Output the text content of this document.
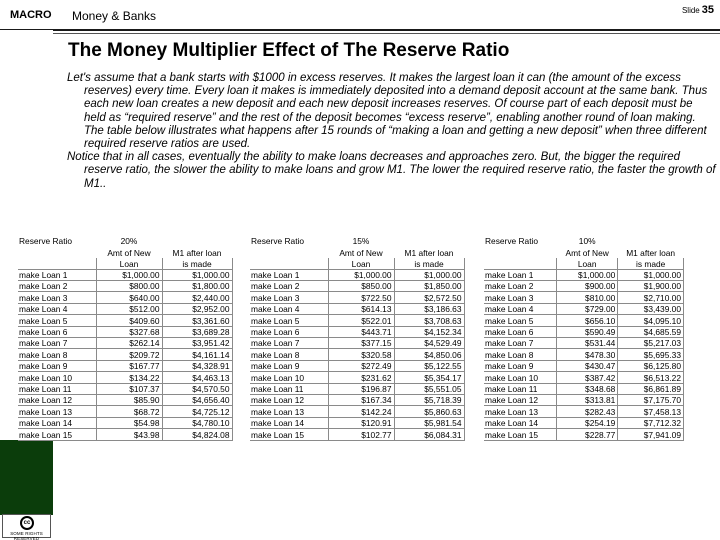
MACRO Money & Banks	Slide 35
cc
SOME RIGHTS RESERVED
The Money Multiplier Effect of The Reserve Ratio

Let's assume that a bank starts with $1000 in excess reserves. It makes the largest loan it can (the amount of the excess reserves) every time. Every loan it makes is immediately deposited into a demand deposit account at the same bank. Thus each new loan creates a new deposit and each new deposit increases reserves. Of course part of each deposit must be held as “required reserve” and the rest of the deposit becomes “excess reserve”, enabling another round of loan making. The table below illustrates what happens after 15 rounds of “making a loan and getting a new deposit” when three different required reserve ratios are used.

Notice that in all cases, eventually the ability to make loans decreases and approaches zero. But, the bigger the required reserve ratio, the slower the ability to make loans and grow M1. The lower the required reserve ratio, the faster the growth of M1..

Reserve Ratio	20%	
	Amt of New	M1 after loan
	Loan	is made
make Loan 1	$1,000.00	$1,000.00
make Loan 2	$800.00	$1,800.00
make Loan 3	$640.00	$2,440.00
make Loan 4	$512.00	$2,952.00
make Loan 5	$409.60	$3,361.60
make Loan 6	$327.68	$3,689.28
make Loan 7	$262.14	$3,951.42
make Loan 8	$209.72	$4,161.14
make Loan 9	$167.77	$4,328.91
make Loan 10	$134.22	$4,463.13
make Loan 11	$107.37	$4,570.50
make Loan 12	$85.90	$4,656.40
make Loan 13	$68.72	$4,725.12
make Loan 14	$54.98	$4,780.10
make Loan 15	$43.98	$4,824.08
Reserve Ratio	15%	
	Amt of New	M1 after loan
	Loan	is made
make Loan 1	$1,000.00	$1,000.00
make Loan 2	$850.00	$1,850.00
make Loan 3	$722.50	$2,572.50
make Loan 4	$614.13	$3,186.63
make Loan 5	$522.01	$3,708.63
make Loan 6	$443.71	$4,152.34
make Loan 7	$377.15	$4,529.49
make Loan 8	$320.58	$4,850.06
make Loan 9	$272.49	$5,122.55
make Loan 10	$231.62	$5,354.17
make Loan 11	$196.87	$5,551.05
make Loan 12	$167.34	$5,718.39
make Loan 13	$142.24	$5,860.63
make Loan 14	$120.91	$5,981.54
make Loan 15	$102.77	$6,084.31
Reserve Ratio	10%	
	Amt of New	M1 after loan
	Loan	is made
make Loan 1	$1,000.00	$1,000.00
make Loan 2	$900.00	$1,900.00
make Loan 3	$810.00	$2,710.00
make Loan 4	$729.00	$3,439.00
make Loan 5	$656.10	$4,095.10
make Loan 6	$590.49	$4,685.59
make Loan 7	$531.44	$5,217.03
make Loan 8	$478.30	$5,695.33
make Loan 9	$430.47	$6,125.80
make Loan 10	$387.42	$6,513.22
make Loan 11	$348.68	$6,861.89
make Loan 12	$313.81	$7,175.70
make Loan 13	$282.43	$7,458.13
make Loan 14	$254.19	$7,712.32
make Loan 15	$228.77	$7,941.09
